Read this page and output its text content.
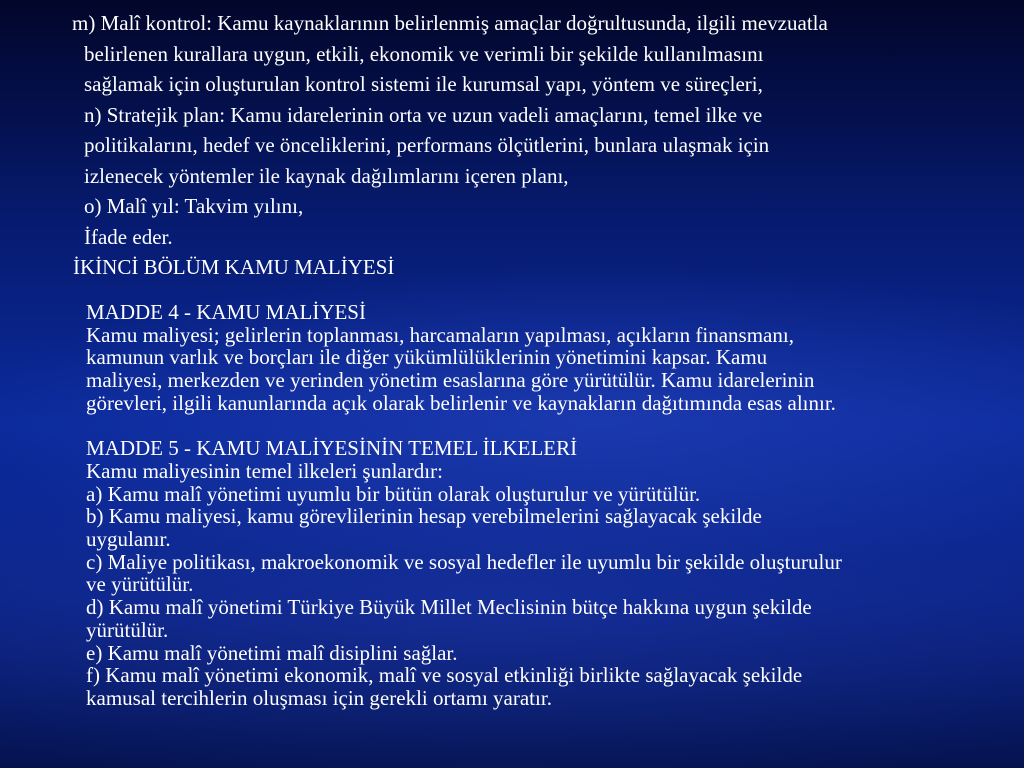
m) Malî kontrol: Kamu kaynaklarının belirlenmiş amaçlar doğrultusunda, ilgili mevzuatla
belirlenen kurallara uygun, etkili, ekonomik ve verimli bir şekilde kullanılmasını
sağlamak için oluşturulan kontrol sistemi ile kurumsal yapı, yöntem ve süreçleri,
n) Stratejik plan: Kamu idarelerinin orta ve uzun vadeli amaçlarını, temel ilke ve
politikalarını, hedef ve önceliklerini, performans ölçütlerini, bunlara ulaşmak için
izlenecek yöntemler ile kaynak dağılımlarını içeren planı,
o) Malî yıl: Takvim yılını,
İfade eder.
İKİNCİ BÖLÜM KAMU MALİYESİ
MADDE 4 - KAMU MALİYESİ
Kamu maliyesi; gelirlerin toplanması, harcamaların yapılması, açıkların finansmanı,
kamunun varlık ve borçları ile diğer yükümlülüklerinin yönetimini kapsar. Kamu
maliyesi, merkezden ve yerinden yönetim esaslarına göre yürütülür. Kamu idarelerinin
görevleri, ilgili kanunlarında açık olarak belirlenir ve kaynakların dağıtımında esas alınır.
MADDE 5 - KAMU MALİYESİNİN TEMEL İLKELERİ
Kamu maliyesinin temel ilkeleri şunlardır:
a) Kamu malî yönetimi uyumlu bir bütün olarak oluşturulur ve yürütülür.
b) Kamu maliyesi, kamu görevlilerinin hesap verebilmelerini sağlayacak şekilde
uygulanır.
c) Maliye politikası, makroekonomik ve sosyal hedefler ile uyumlu bir şekilde oluşturulur
ve yürütülür.
d) Kamu malî yönetimi Türkiye Büyük Millet Meclisinin bütçe hakkına uygun şekilde
yürütülür.
e) Kamu malî yönetimi malî disiplini sağlar.
f) Kamu malî yönetimi ekonomik, malî ve sosyal etkinliği birlikte sağlayacak şekilde
kamusal tercihlerin oluşması için gerekli ortamı yaratır.
